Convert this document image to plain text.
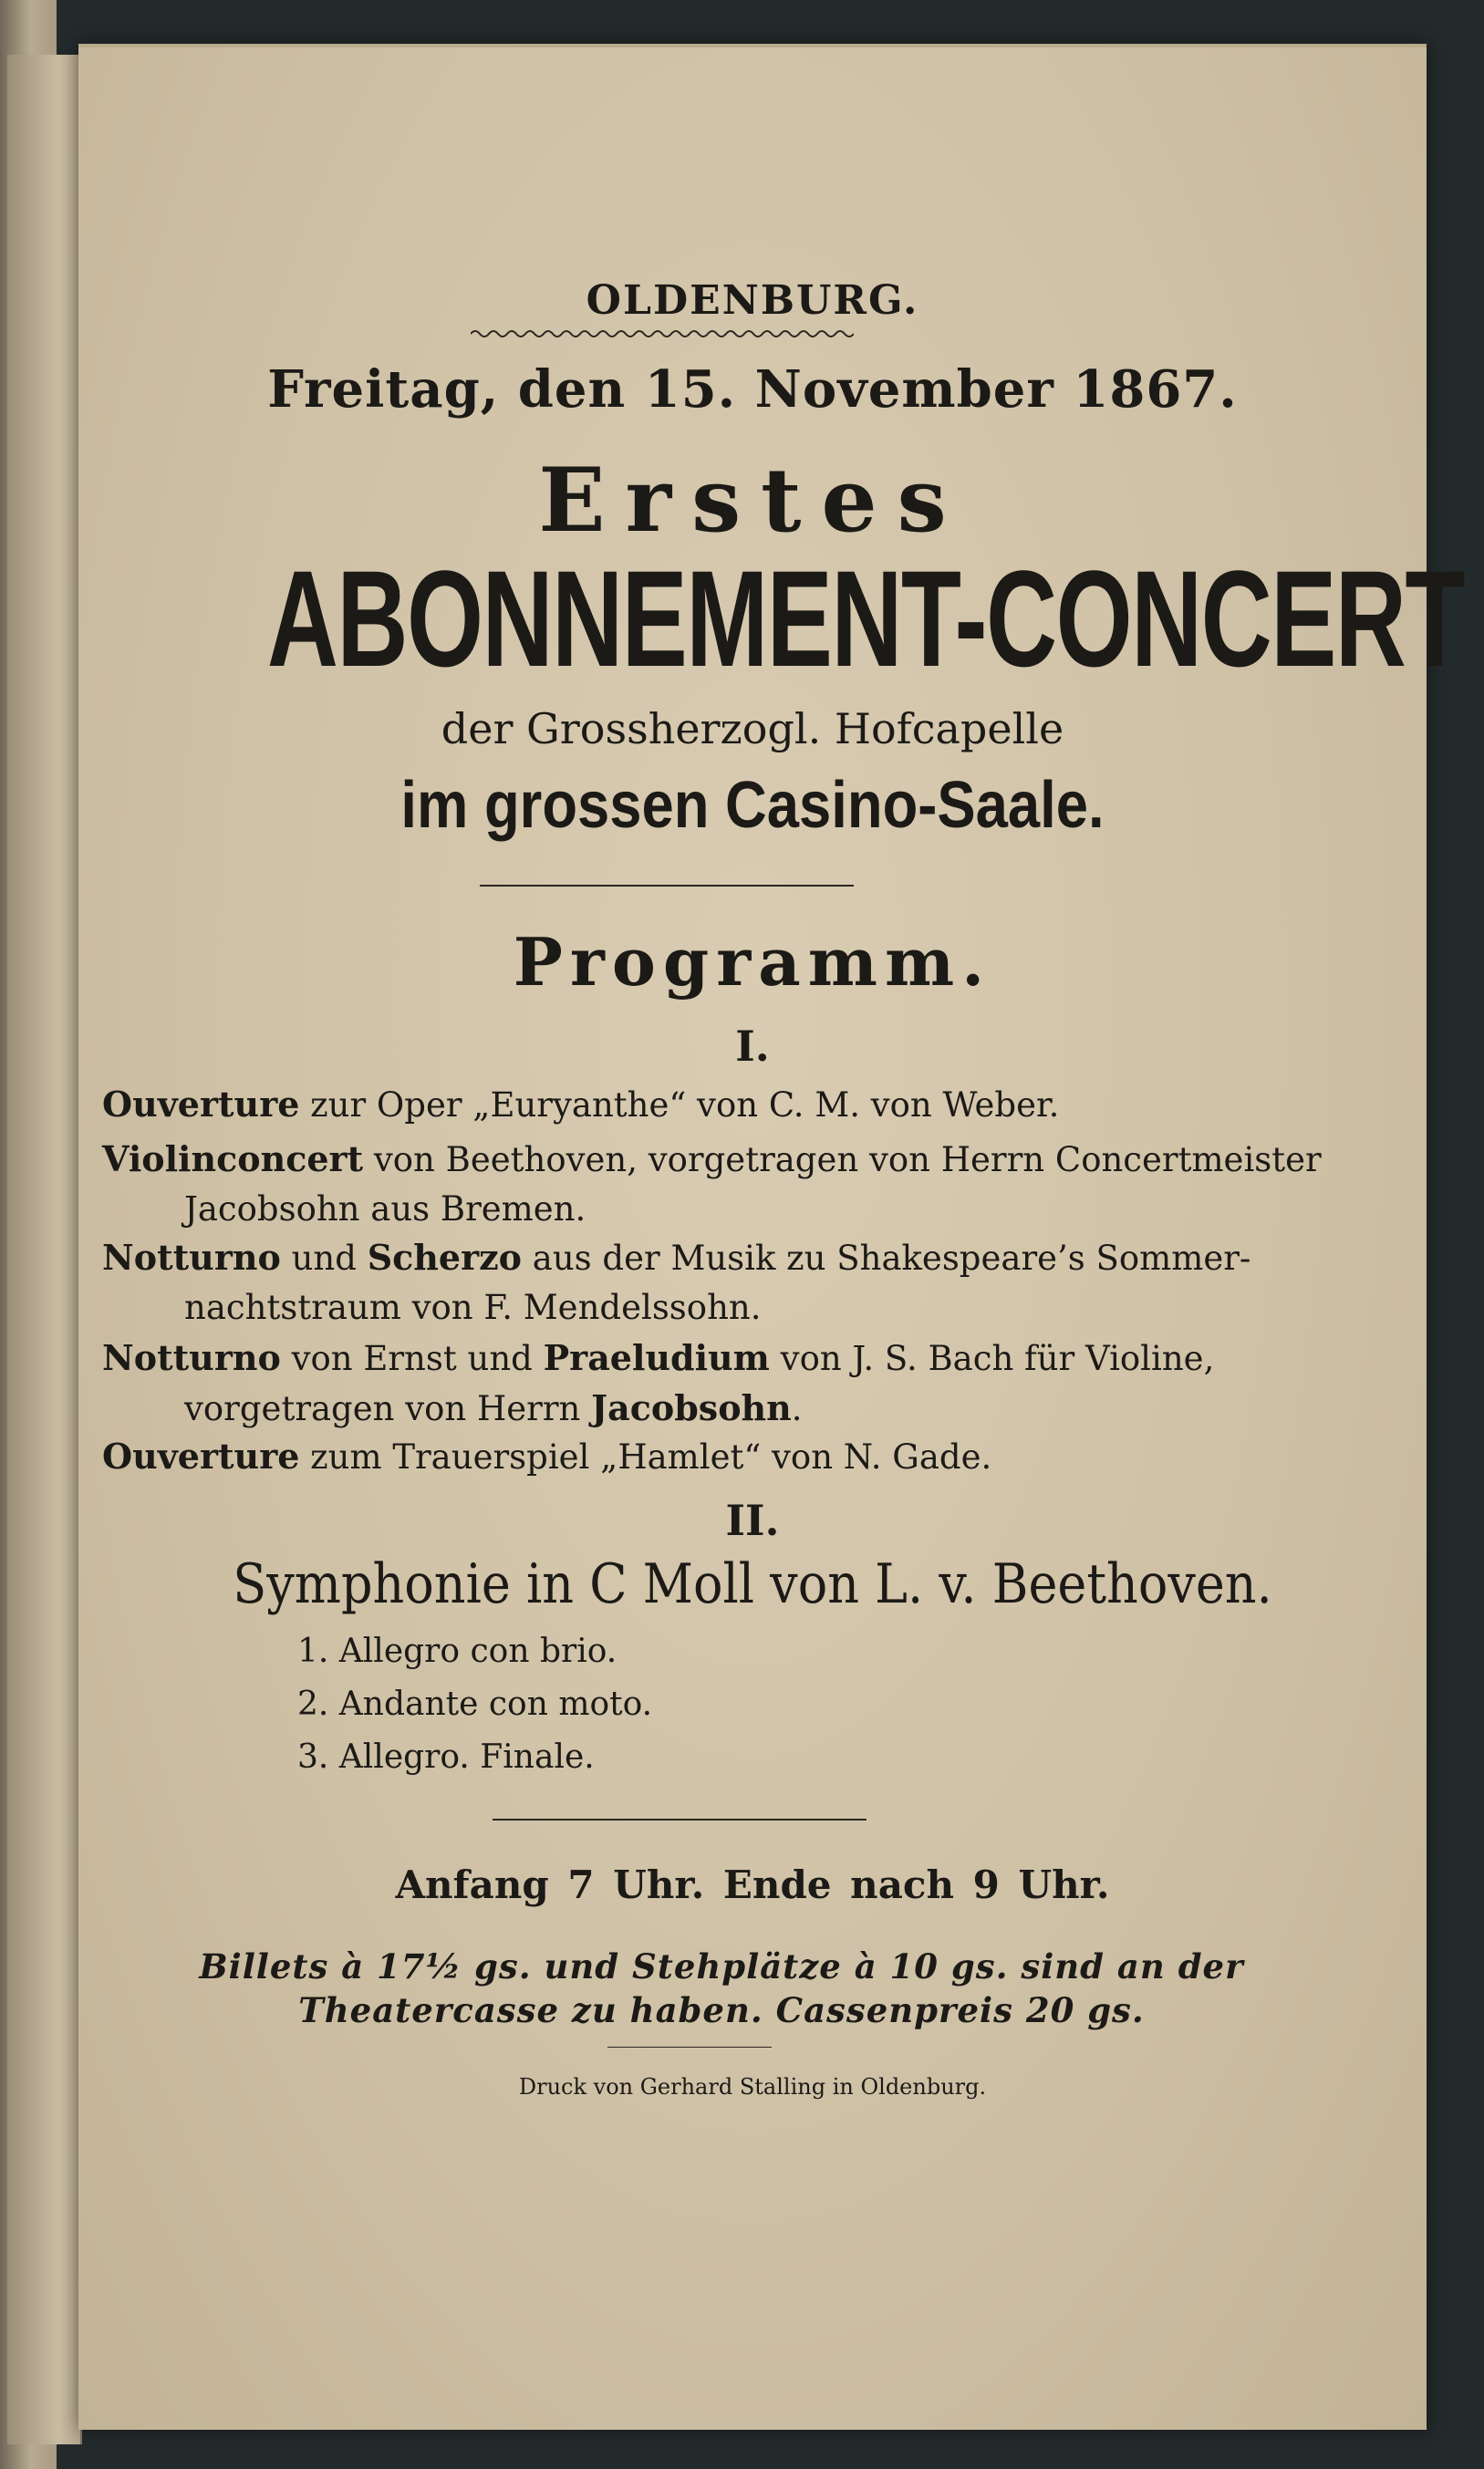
OLDENBURG.
Freitag, den 15. November 1867.
Erstes
ABONNEMENT-CONCERT
der Grossherzogl. Hofcapelle
im grossen Casino-Saale.
Programm.
I.
Ouverture zur Oper „Euryanthe“ von C. M. von Weber.
Violinconcert von Beethoven, vorgetragen von Herrn Concertmeister
Jacobsohn aus Bremen.
Notturno und Scherzo aus der Musik zu Shakespeare’s Sommer-
nachtstraum von F. Mendelssohn.
Notturno von Ernst und Praeludium von J. S. Bach für Violine,
vorgetragen von Herrn Jacobsohn.
Ouverture zum Trauerspiel „Hamlet“ von N. Gade.
II.
Symphonie in C Moll von L. v. Beethoven.
1. Allegro con brio.
2. Andante con moto.
3. Allegro. Finale.
Anfang 7 Uhr. Ende nach 9 Uhr.
Billets à 17½ gs. und Stehplätze à 10 gs. sind an der Theatercasse zu haben. Cassenpreis 20 gs.
Druck von Gerhard Stalling in Oldenburg.
